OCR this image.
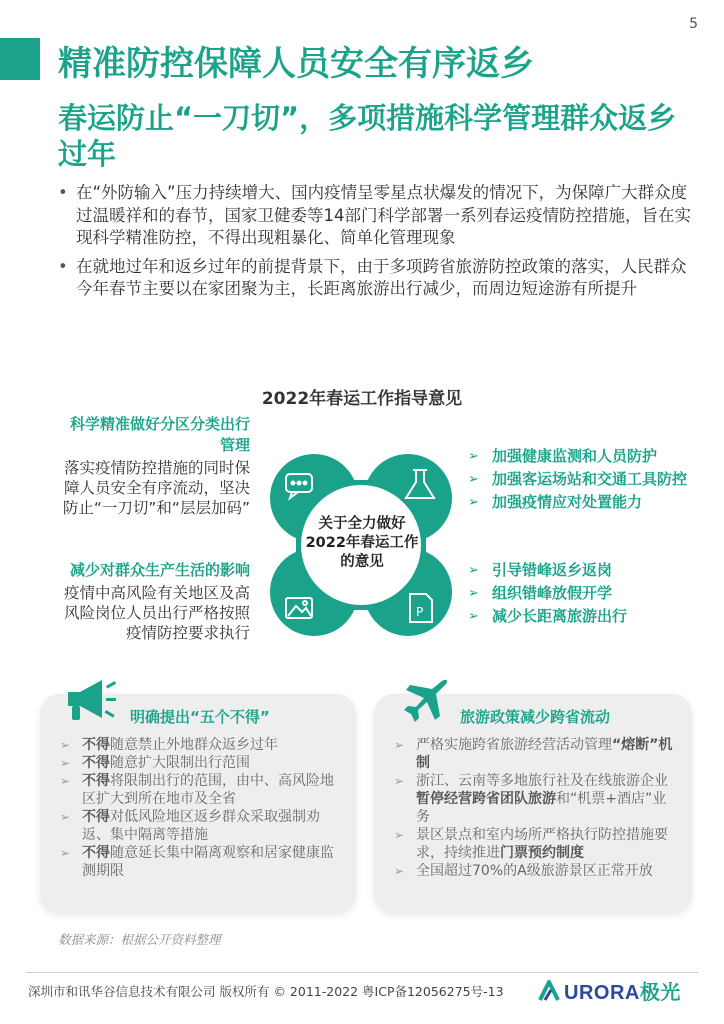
5
精准防控保障人员安全有序返乡
春运防止“一刀切”，多项措施科学管理群众返乡过年
• 在“外防输入”压力持续增大、国内疫情呈零星点状爆发的情况下，为保障广大群众度过温暖祥和的春节，国家卫健委等14部门科学部署一系列春运疫情防控措施，旨在实现科学精准防控，不得出现粗暴化、简单化管理现象
• 在就地过年和返乡过年的前提背景下，由于多项跨省旅游防控政策的落实，人民群众今年春节主要以在家团聚为主，长距离旅游出行减少，而周边短途游有所提升
2022年春运工作指导意见
科学精准做好分区分类出行管理
落实疫情防控措施的同时保障人员安全有序流动，坚决防止“一刀切”和“层层加码”
减少对群众生产生活的影响
疫情中高风险有关地区及高风险岗位人员出行严格按照疫情防控要求执行
➢ 加强健康监测和人员防护
➢ 加强客运场站和交通工具防控
➢ 加强疫情应对处置能力
➢ 引导错峰返乡返岗
➢ 组织错峰放假开学
➢ 减少长距离旅游出行
P
关于全力做好2022年春运工作的意见
明确提出“五个不得”
➢ 不得随意禁止外地群众返乡过年
➢ 不得随意扩大限制出行范围
➢ 不得将限制出行的范围，由中、高风险地区扩大到所在地市及全省
➢ 不得对低风险地区返乡群众采取强制劝返、集中隔离等措施
➢ 不得随意延长集中隔离观察和居家健康监测期限
旅游政策减少跨省流动
➢ 严格实施跨省旅游经营活动管理“熔断”机制
➢ 浙江、云南等多地旅行社及在线旅游企业暂停经营跨省团队旅游和“机票+酒店”业务
➢ 景区景点和室内场所严格执行防控措施要求，持续推进门票预约制度
➢ 全国超过70%的A级旅游景区正常开放
数据来源：根据公开资料整理
深圳市和讯华谷信息技术有限公司 版权所有 © 2011-2022 粤ICP备12056275号-13	URORA极光
